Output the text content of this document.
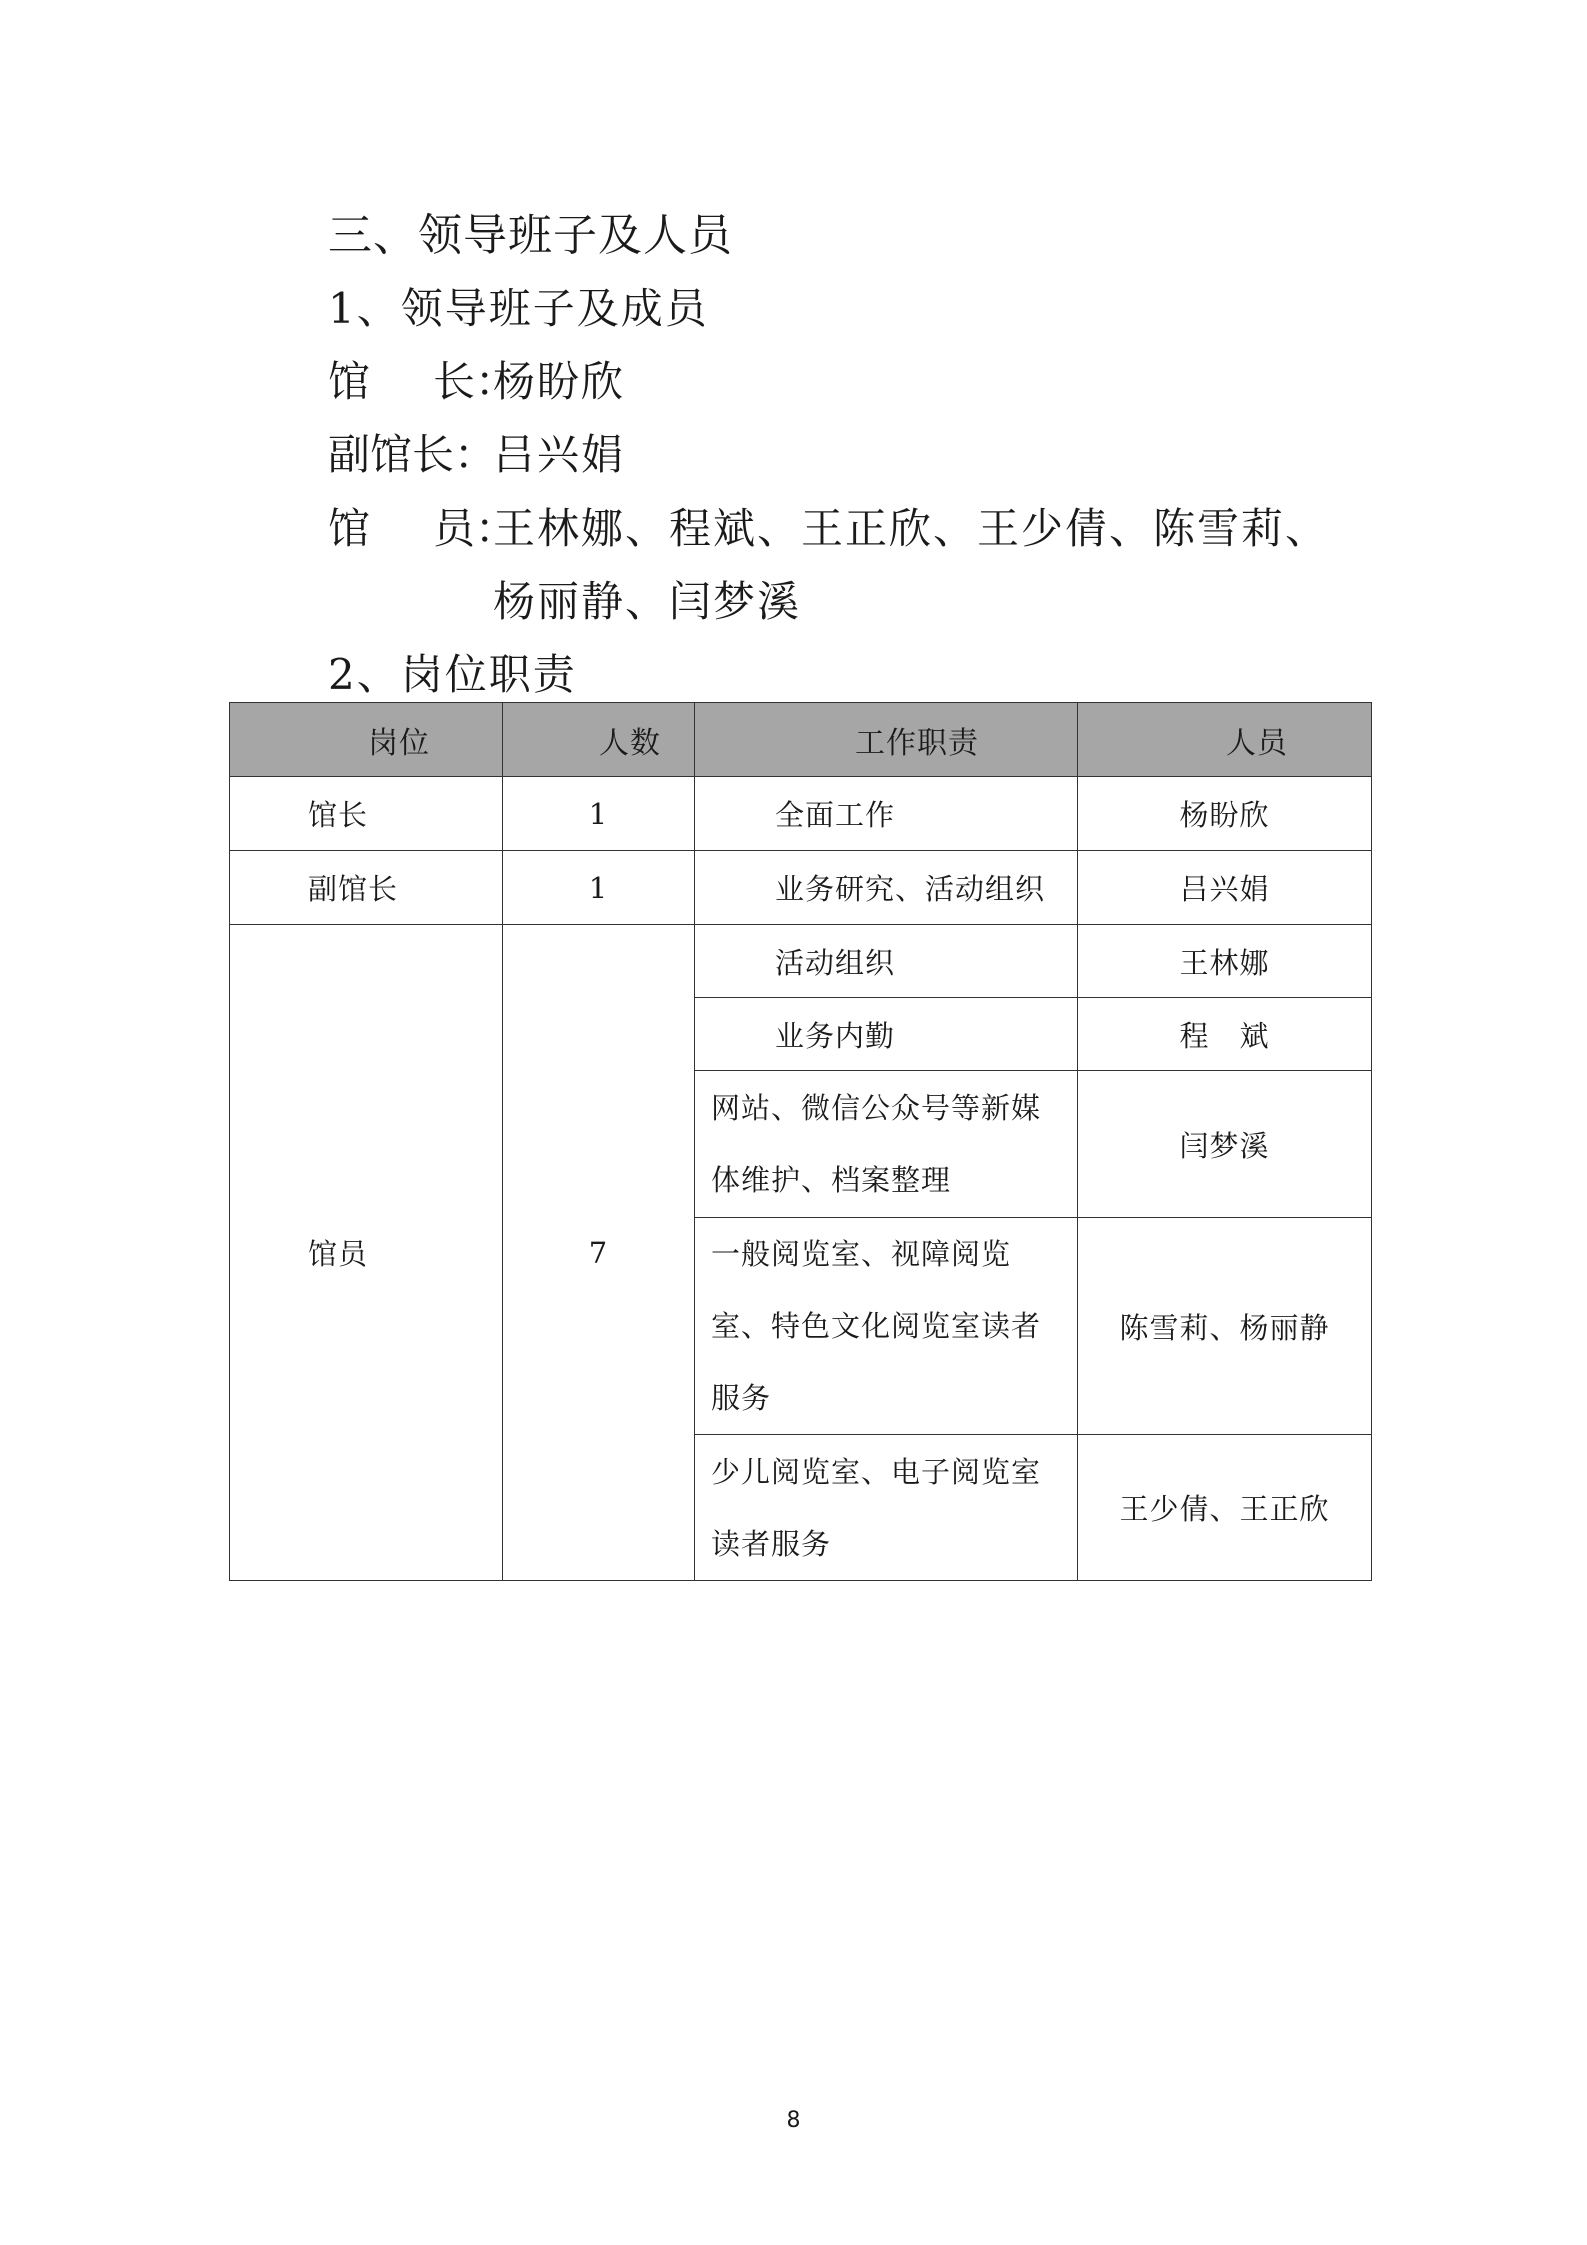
三、领导班子及人员
1、领导班子及成员
馆 长：杨盼欣
副馆长：吕兴娟
馆 员：王林娜、程斌、王正欣、王少倩、陈雪莉、
杨丽静、闫梦溪
2、岗位职责
岗位	人数	工作职责	人员
馆长	1	全面工作	杨盼欣
副馆长	1	业务研究、活动组织	吕兴娟
馆员	7	活动组织	王林娜
		业务内勤	程　斌
		网站、微信公众号等新媒体维护、档案整理	闫梦溪
		一般阅览室、视障阅览室、特色文化阅览室读者服务	陈雪莉、杨丽静
		少儿阅览室、电子阅览室读者服务	王少倩、王正欣
8
